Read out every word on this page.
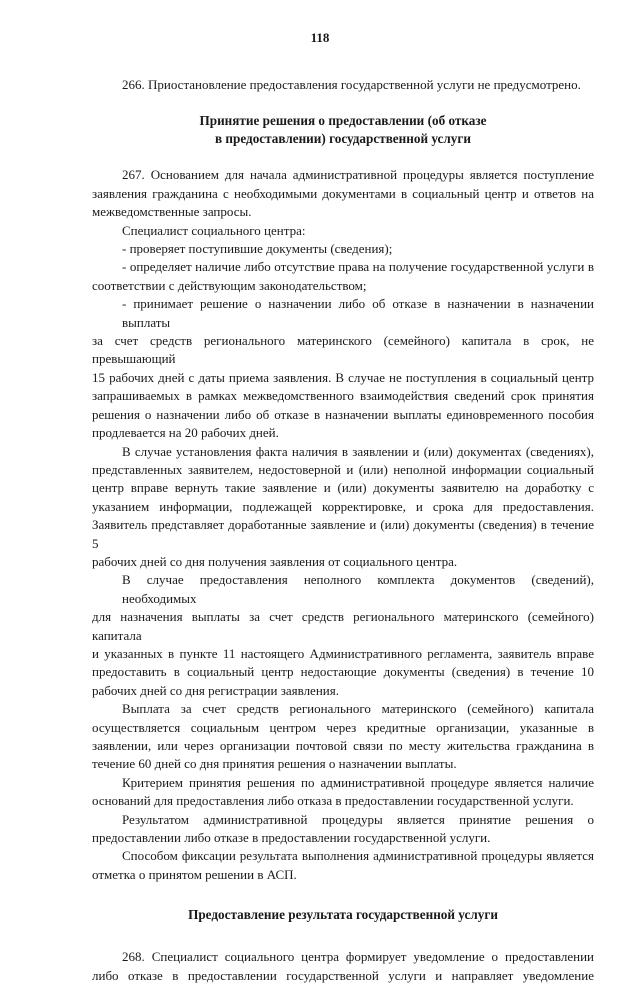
118

266. Приостановление предоставления государственной услуги не предусмотрено.

Принятие решения о предоставлении (об отказе
в предоставлении) государственной услуги

267. Основанием для начала административной процедуры является поступление
заявления гражданина с необходимыми документами в социальный центр и ответов на
межведомственные запросы.

Специалист социального центра:

- проверяет поступившие документы (сведения);

- определяет наличие либо отсутствие права на получение государственной услуги в
соответствии с действующим законодательством;

- принимает решение о назначении либо об отказе в назначении в назначении выплаты
за счет средств регионального материнского (семейного) капитала в срок, не превышающий
15 рабочих дней с даты приема заявления. В случае не поступления в социальный центр
запрашиваемых в рамках межведомственного взаимодействия сведений срок принятия
решения о назначении либо об отказе в назначении выплаты единовременного пособия
продлевается на 20 рабочих дней.

В случае установления факта наличия в заявлении и (или) документах (сведениях),
представленных заявителем, недостоверной и (или) неполной информации социальный
центр вправе вернуть такие заявление и (или) документы заявителю на доработку с
указанием информации, подлежащей корректировке, и срока для предоставления.
Заявитель представляет доработанные заявление и (или) документы (сведения) в течение 5
рабочих дней со дня получения заявления от социального центра.

В случае предоставления неполного комплекта документов (сведений), необходимых
для назначения выплаты за счет средств регионального материнского (семейного) капитала
и указанных в пункте 11 настоящего Административного регламента, заявитель вправе
предоставить в социальный центр недостающие документы (сведения) в течение 10
рабочих дней со дня регистрации заявления.

Выплата за счет средств регионального материнского (семейного) капитала
осуществляется социальным центром через кредитные организации, указанные в
заявлении, или через организации почтовой связи по месту жительства гражданина в
течение 60 дней со дня принятия решения о назначении выплаты.

Критерием принятия решения по административной процедуре является наличие
оснований для предоставления либо отказа в предоставлении государственной услуги.

Результатом административной процедуры является принятие решения о
предоставлении либо отказе в предоставлении государственной услуги.

Способом фиксации результата выполнения административной процедуры является
отметка о принятом решении в АСП.

Предоставление результата государственной услуги

268. Специалист социального центра формирует уведомление о предоставлении
либо отказе в предоставлении государственной услуги и направляет уведомление
